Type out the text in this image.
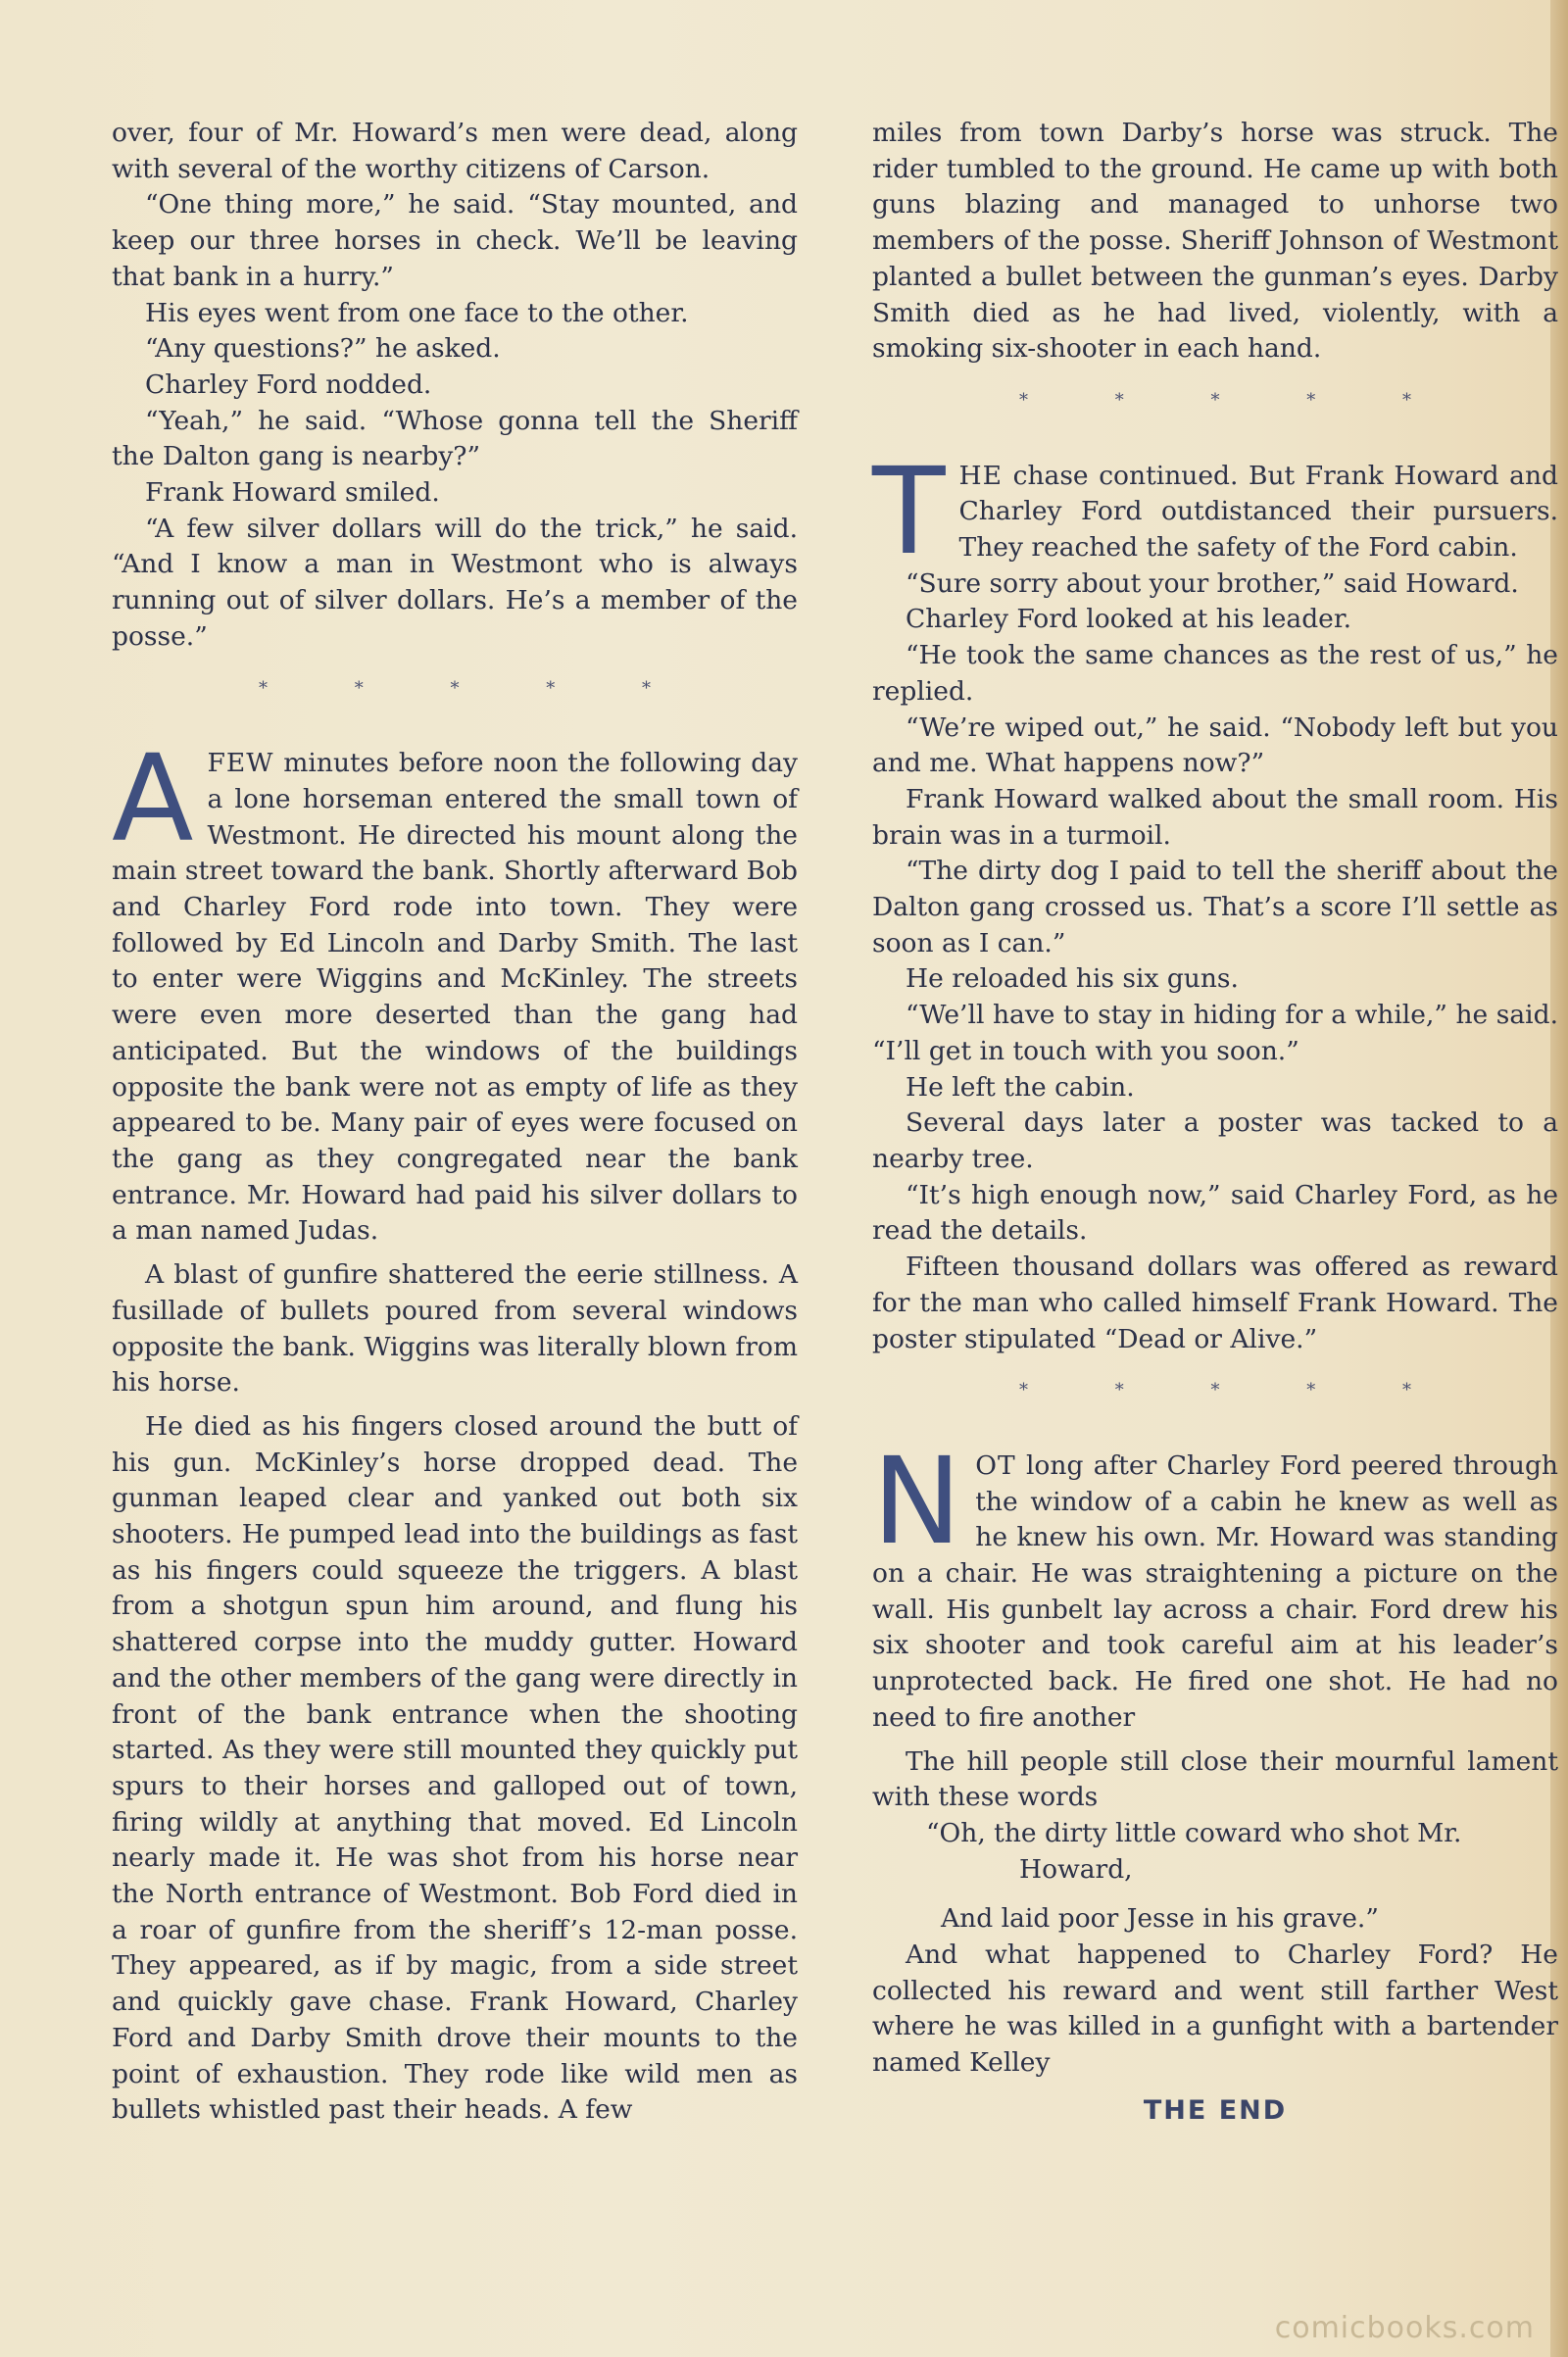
over, four of Mr. Howard’s men were dead, along with several of the worthy citizens of Carson.

“One thing more,” he said. “Stay mounted, and keep our three horses in check. We’ll be leaving that bank in a hurry.”

His eyes went from one face to the other.

“Any questions?” he asked.

Charley Ford nodded.

“Yeah,” he said. “Whose gonna tell the Sheriff the Dalton gang is nearby?”

Frank Howard smiled.

“A few silver dollars will do the trick,” he said. “And I know a man in Westmont who is always running out of silver dollars. He’s a member of the posse.”

*	*	*	*	*

AFEW minutes before noon the following day a lone horseman entered the small town of Westmont. He directed his mount along the main street toward the bank. Shortly afterward Bob and Charley Ford rode into town. They were followed by Ed Lincoln and Darby Smith. The last to enter were Wiggins and McKinley. The streets were even more deserted than the gang had anticipated. But the windows of the buildings opposite the bank were not as empty of life as they appeared to be. Many pair of eyes were focused on the gang as they congregated near the bank entrance. Mr. Howard had paid his silver dollars to a man named Judas.

A blast of gunfire shattered the eerie stillness. A fusillade of bullets poured from several windows opposite the bank. Wiggins was literally blown from his horse.

He died as his fingers closed around the butt of his gun. McKinley’s horse dropped dead. The gunman leaped clear and yanked out both six shooters. He pumped lead into the buildings as fast as his fingers could squeeze the triggers. A blast from a shotgun spun him around, and flung his shattered corpse into the muddy gutter. Howard and the other members of the gang were directly in front of the bank entrance when the shooting started. As they were still mounted they quickly put spurs to their horses and galloped out of town, firing wildly at anything that moved. Ed Lincoln nearly made it. He was shot from his horse near the North entrance of Westmont. Bob Ford died in a roar of gunfire from the sheriff’s 12-man posse. They appeared, as if by magic, from a side street and quickly gave chase. Frank Howard, Charley Ford and Darby Smith drove their mounts to the point of exhaustion. They rode like wild men as bullets whistled past their heads. A few

miles from town Darby’s horse was struck. The rider tumbled to the ground. He came up with both guns blazing and managed to unhorse two members of the posse. Sheriff Johnson of Westmont planted a bullet between the gunman’s eyes. Darby Smith died as he had lived, violently, with a smoking six-shooter in each hand.

*	*	*	*	*

THE chase continued. But Frank Howard and Charley Ford outdistanced their pursuers. They reached the safety of the Ford cabin.

“Sure sorry about your brother,” said Howard.

Charley Ford looked at his leader.

“He took the same chances as the rest of us,” he replied.

“We’re wiped out,” he said. “Nobody left but you and me. What happens now?”

Frank Howard walked about the small room. His brain was in a turmoil.

“The dirty dog I paid to tell the sheriff about the Dalton gang crossed us. That’s a score I’ll settle as soon as I can.”

He reloaded his six guns.

“We’ll have to stay in hiding for a while,” he said. “I’ll get in touch with you soon.”

He left the cabin.

Several days later a poster was tacked to a nearby tree.

“It’s high enough now,” said Charley Ford, as he read the details.

Fifteen thousand dollars was offered as reward for the man who called himself Frank Howard. The poster stipulated “Dead or Alive.”

*	*	*	*	*

NOT long after Charley Ford peered through the window of a cabin he knew as well as he knew his own. Mr. Howard was standing on a chair. He was straightening a picture on the wall. His gunbelt lay across a chair. Ford drew his six shooter and took careful aim at his leader’s unprotected back. He fired one shot. He had no need to fire another

The hill people still close their mournful lament with these words

“Oh, the dirty little coward who shot Mr.

Howard,

And laid poor Jesse in his grave.”

And what happened to Charley Ford? He collected his reward and went still farther West where he was killed in a gunfight with a bartender named Kelley

THE END
comicbooks.com
